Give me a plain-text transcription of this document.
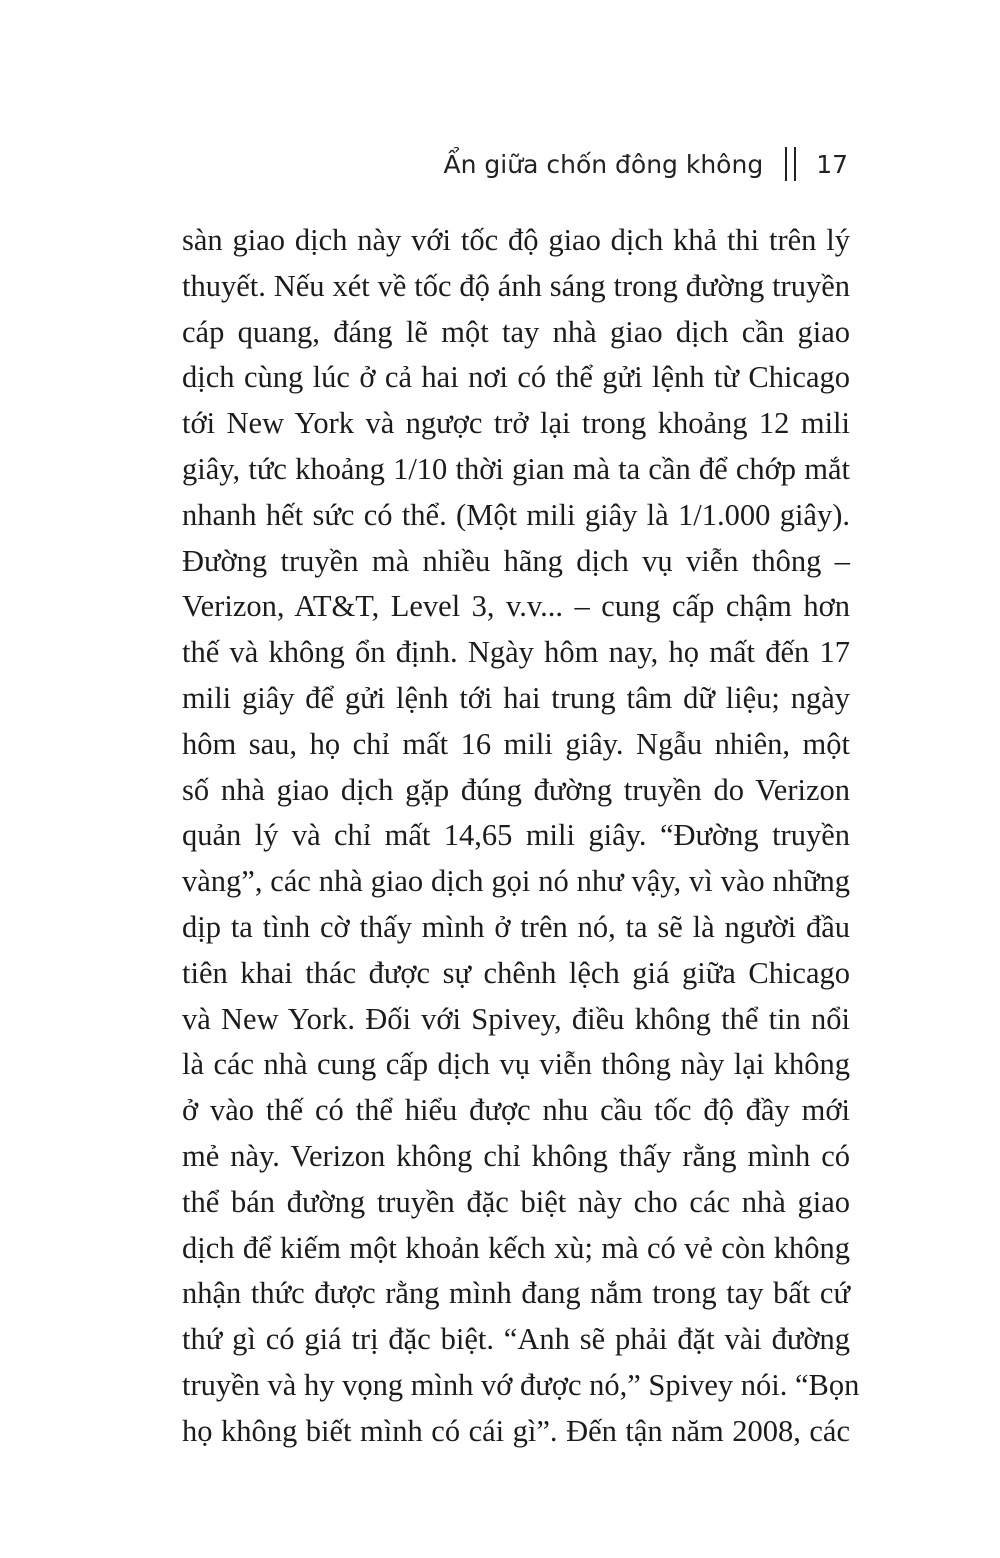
Ẩn giữa chốn đông không 17
sàn giao dịch này với tốc độ giao dịch khả thi trên lý
thuyết. Nếu xét về tốc độ ánh sáng trong đường truyền
cáp quang, đáng lẽ một tay nhà giao dịch cần giao
dịch cùng lúc ở cả hai nơi có thể gửi lệnh từ Chicago
tới New York và ngược trở lại trong khoảng 12 mili
giây, tức khoảng 1/10 thời gian mà ta cần để chớp mắt
nhanh hết sức có thể. (Một mili giây là 1/1.000 giây).
Đường truyền mà nhiều hãng dịch vụ viễn thông –
Verizon, AT&T, Level 3, v.v... – cung cấp chậm hơn
thế và không ổn định. Ngày hôm nay, họ mất đến 17
mili giây để gửi lệnh tới hai trung tâm dữ liệu; ngày
hôm sau, họ chỉ mất 16 mili giây. Ngẫu nhiên, một
số nhà giao dịch gặp đúng đường truyền do Verizon
quản lý và chỉ mất 14,65 mili giây. “Đường truyền
vàng”, các nhà giao dịch gọi nó như vậy, vì vào những
dịp ta tình cờ thấy mình ở trên nó, ta sẽ là người đầu
tiên khai thác được sự chênh lệch giá giữa Chicago
và New York. Đối với Spivey, điều không thể tin nổi
là các nhà cung cấp dịch vụ viễn thông này lại không
ở vào thế có thể hiểu được nhu cầu tốc độ đầy mới
mẻ này. Verizon không chỉ không thấy rằng mình có
thể bán đường truyền đặc biệt này cho các nhà giao
dịch để kiếm một khoản kếch xù; mà có vẻ còn không
nhận thức được rằng mình đang nắm trong tay bất cứ
thứ gì có giá trị đặc biệt. “Anh sẽ phải đặt vài đường
truyền và hy vọng mình vớ được nó,” Spivey nói. “Bọn
họ không biết mình có cái gì”. Đến tận năm 2008, các
